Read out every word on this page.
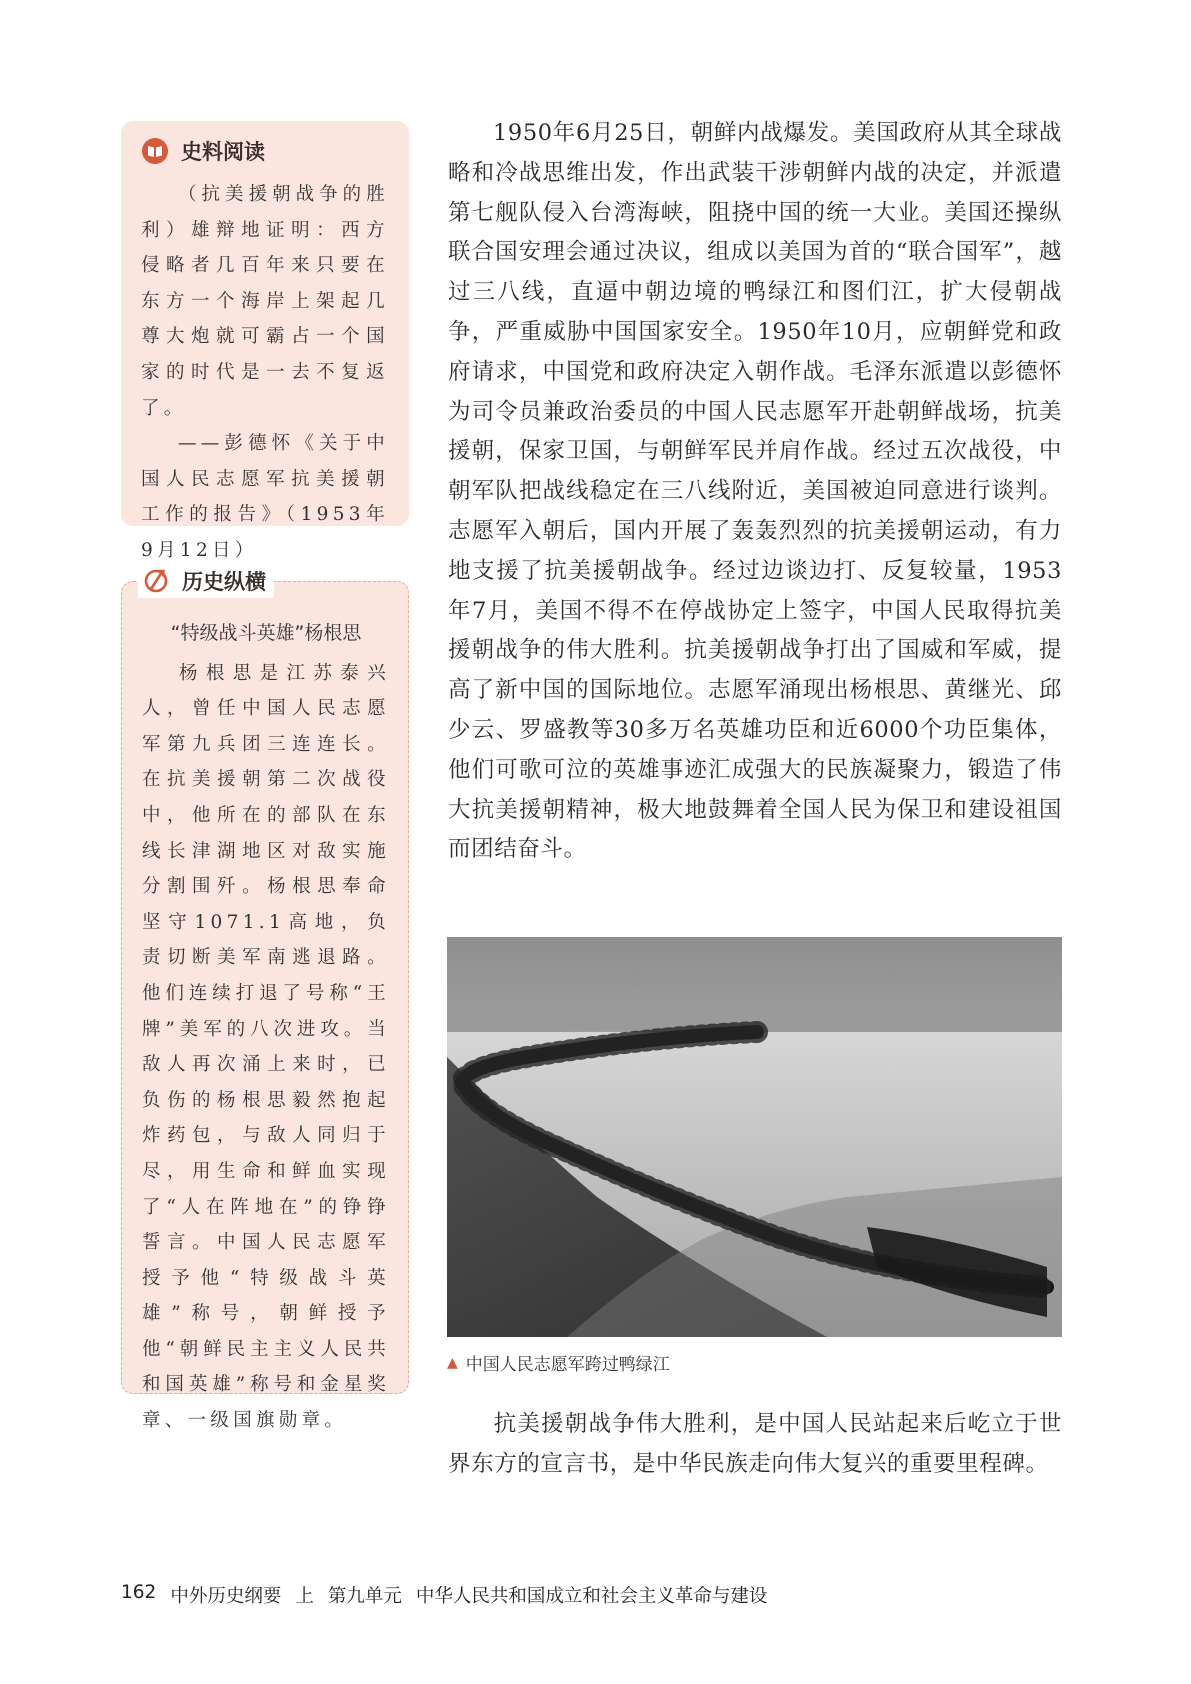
史料阅读

（抗美援朝战争的胜利）雄辩地证明：西方侵略者几百年来只要在东方一个海岸上架起几尊大炮就可霸占一个国家的时代是一去不复返了。

——彭德怀《关于中国人民志愿军抗美援朝工作的报告》（1953年9月12日）

历史纵横

“特级战斗英雄”杨根思

杨根思是江苏泰兴人，曾任中国人民志愿军第九兵团三连连长。在抗美援朝第二次战役中，他所在的部队在东线长津湖地区对敌实施分割围歼。杨根思奉命坚守1071.1高地，负责切断美军南逃退路。他们连续打退了号称“王牌”美军的八次进攻。当敌人再次涌上来时，已负伤的杨根思毅然抱起炸药包，与敌人同归于尽，用生命和鲜血实现了“人在阵地在”的铮铮誓言。中国人民志愿军授予他“特级战斗英雄”称号，朝鲜授予他“朝鲜民主主义人民共和国英雄”称号和金星奖章、一级国旗勋章。

1950年6月25日，朝鲜内战爆发。美国政府从其全球战略和冷战思维出发，作出武装干涉朝鲜内战的决定，并派遣第七舰队侵入台湾海峡，阻挠中国的统一大业。美国还操纵联合国安理会通过决议，组成以美国为首的“联合国军”，越过三八线，直逼中朝边境的鸭绿江和图们江，扩大侵朝战争，严重威胁中国国家安全。1950年10月，应朝鲜党和政府请求，中国党和政府决定入朝作战。毛泽东派遣以彭德怀为司令员兼政治委员的中国人民志愿军开赴朝鲜战场，抗美援朝，保家卫国，与朝鲜军民并肩作战。经过五次战役，中朝军队把战线稳定在三八线附近，美国被迫同意进行谈判。志愿军入朝后，国内开展了轰轰烈烈的抗美援朝运动，有力地支援了抗美援朝战争。经过边谈边打、反复较量，1953年7月，美国不得不在停战协定上签字，中国人民取得抗美援朝战争的伟大胜利。抗美援朝战争打出了国威和军威，提高了新中国的国际地位。志愿军涌现出杨根思、黄继光、邱少云、罗盛教等30多万名英雄功臣和近6000个功臣集体，他们可歌可泣的英雄事迹汇成强大的民族凝聚力，锻造了伟大抗美援朝精神，极大地鼓舞着全国人民为保卫和建设祖国而团结奋斗。

▲ 中国人民志愿军跨过鸭绿江

抗美援朝战争伟大胜利，是中国人民站起来后屹立于世界东方的宣言书，是中华民族走向伟大复兴的重要里程碑。

162 中外历史纲要 上 第九单元 中华人民共和国成立和社会主义革命与建设
